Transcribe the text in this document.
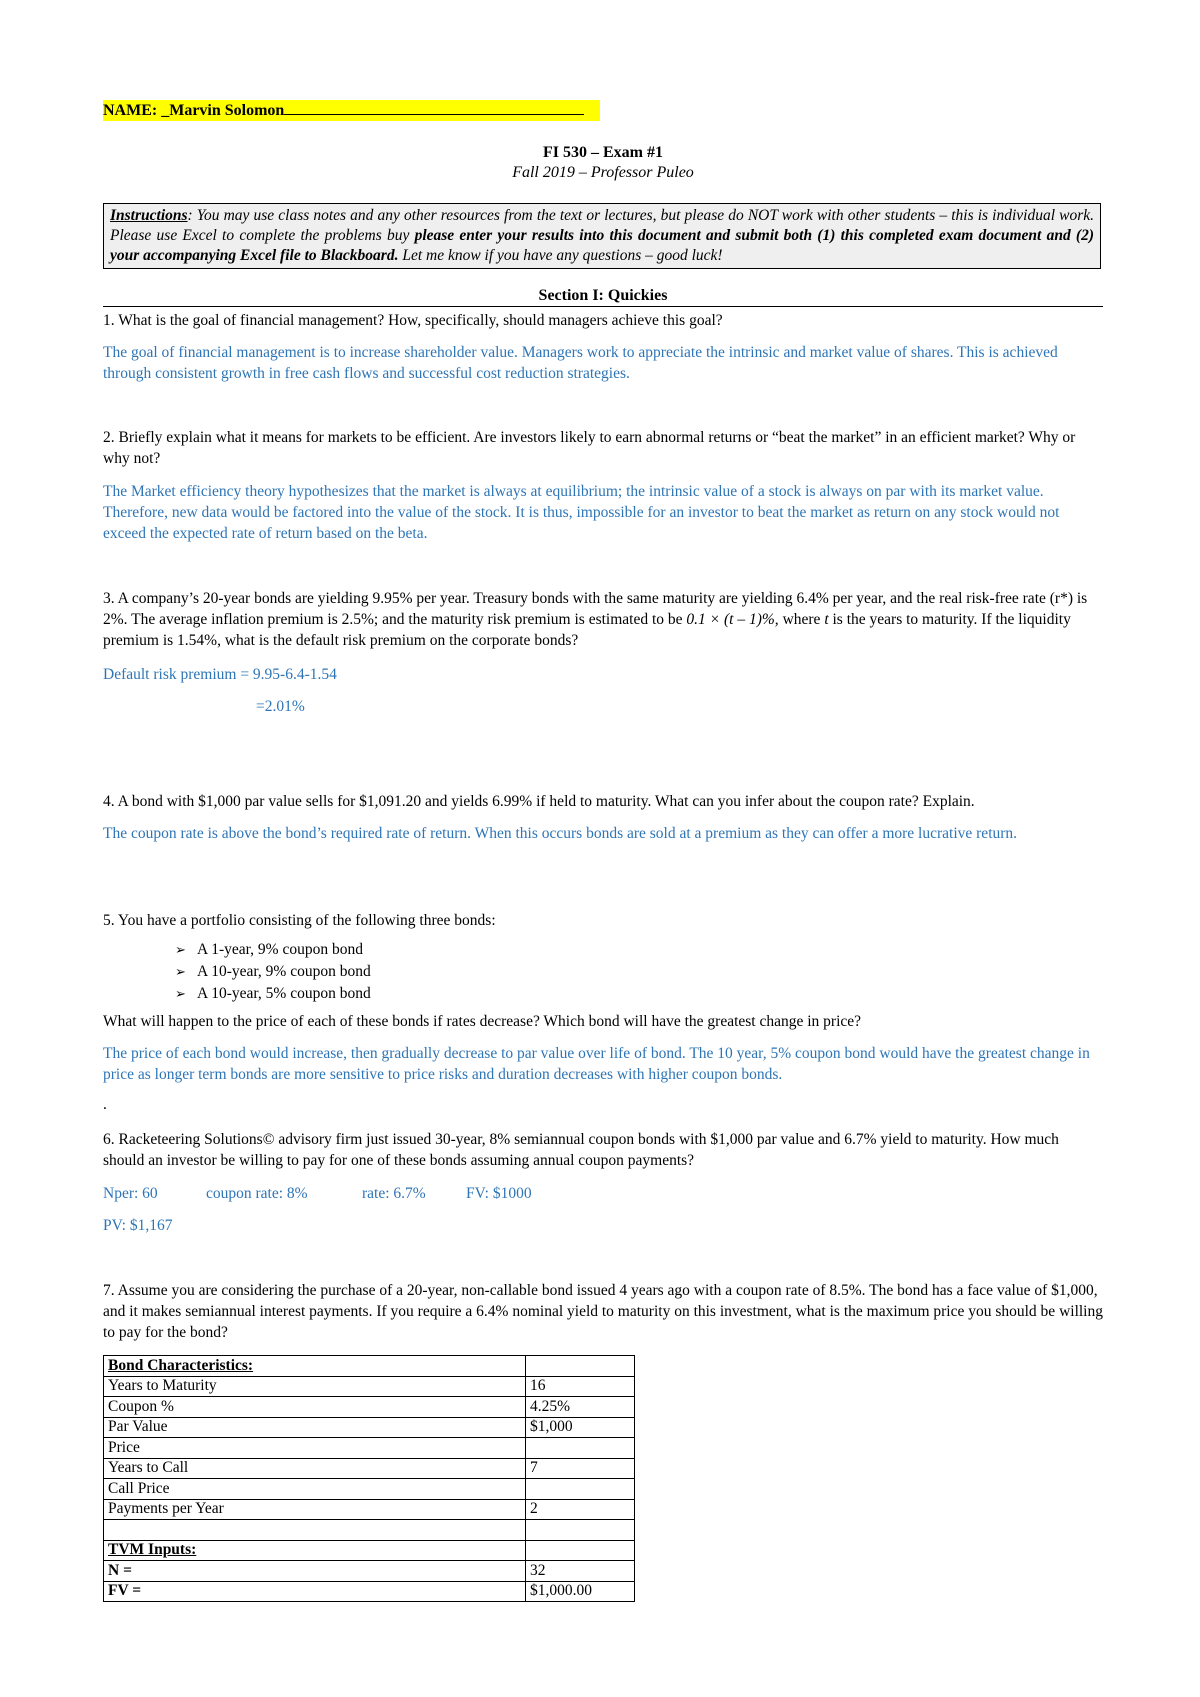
NAME: _Marvin Solomon
FI 530 – Exam #1
Fall 2019 – Professor Puleo
Instructions: You may use class notes and any other resources from the text or lectures, but please do NOT work with other students – this is individual work. Please use Excel to complete the problems buy please enter your results into this document and submit both (1) this completed exam document and (2) your accompanying Excel file to Blackboard. Let me know if you have any questions – good luck!
Section I: Quickies
1. What is the goal of financial management? How, specifically, should managers achieve this goal?
The goal of financial management is to increase shareholder value. Managers work to appreciate the intrinsic and market value of shares. This is achieved through consistent growth in free cash flows and successful cost reduction strategies.
2. Briefly explain what it means for markets to be efficient. Are investors likely to earn abnormal returns or “beat the market” in an efficient market? Why or why not?
The Market efficiency theory hypothesizes that the market is always at equilibrium; the intrinsic value of a stock is always on par with its market value. Therefore, new data would be factored into the value of the stock. It is thus, impossible for an investor to beat the market as return on any stock would not exceed the expected rate of return based on the beta.
3. A company’s 20-year bonds are yielding 9.95% per year. Treasury bonds with the same maturity are yielding 6.4% per year, and the real risk-free rate (r*) is 2%. The average inflation premium is 2.5%; and the maturity risk premium is estimated to be 0.1 × (t – 1)%, where t is the years to maturity. If the liquidity premium is 1.54%, what is the default risk premium on the corporate bonds?
Default risk premium = 9.95-6.4-1.54
=2.01%
4. A bond with $1,000 par value sells for $1,091.20 and yields 6.99% if held to maturity. What can you infer about the coupon rate? Explain.
The coupon rate is above the bond’s required rate of return. When this occurs bonds are sold at a premium as they can offer a more lucrative return.
5. You have a portfolio consisting of the following three bonds:
➢ A 1-year, 9% coupon bond
➢ A 10-year, 9% coupon bond
➢ A 10-year, 5% coupon bond
What will happen to the price of each of these bonds if rates decrease? Which bond will have the greatest change in price?
The price of each bond would increase, then gradually decrease to par value over life of bond. The 10 year, 5% coupon bond would have the greatest change in price as longer term bonds are more sensitive to price risks and duration decreases with higher coupon bonds.
.
6. Racketeering Solutions© advisory firm just issued 30-year, 8% semiannual coupon bonds with $1,000 par value and 6.7% yield to maturity. How much should an investor be willing to pay for one of these bonds assuming annual coupon payments?
Nper: 60	coupon rate: 8%	rate: 6.7%	FV: $1000
PV: $1,167
7. Assume you are considering the purchase of a 20-year, non-callable bond issued 4 years ago with a coupon rate of 8.5%. The bond has a face value of $1,000, and it makes semiannual interest payments. If you require a 6.4% nominal yield to maturity on this investment, what is the maximum price you should be willing to pay for the bond?
Bond Characteristics:	
Years to Maturity	16
Coupon %	4.25%
Par Value	$1,000
Price	
Years to Call	7
Call Price	
Payments per Year	2

TVM Inputs:	
N =	32
FV =	$1,000.00
